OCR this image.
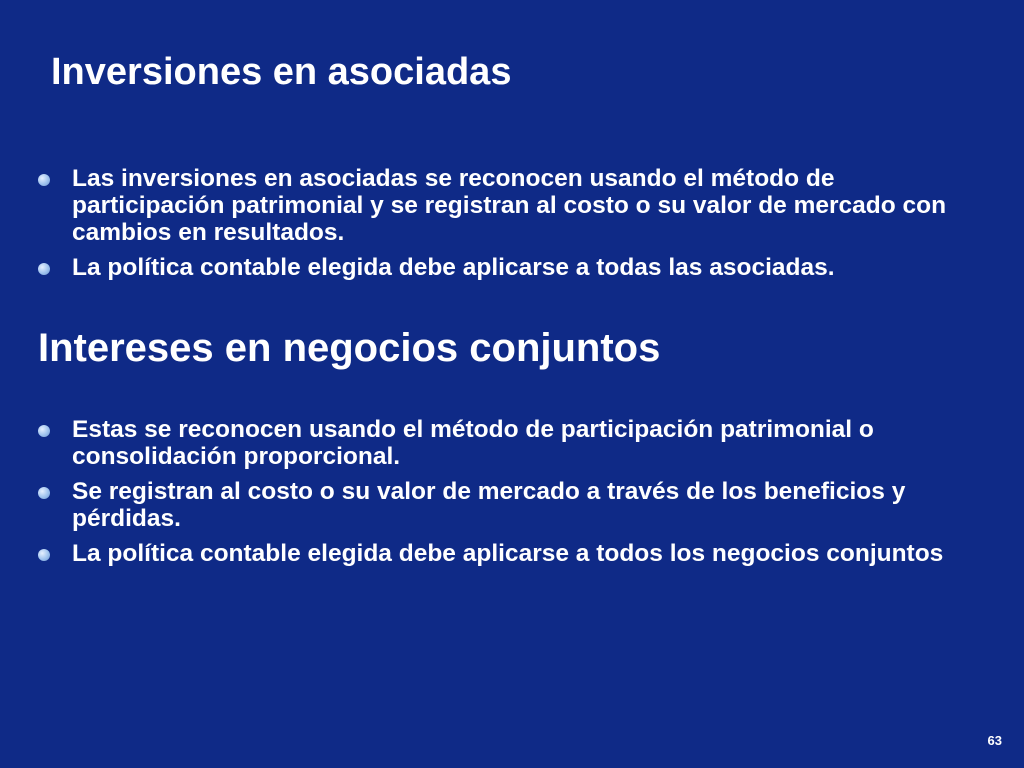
Inversiones en asociadas
Las inversiones en asociadas se reconocen usando el método de participación patrimonial y se registran al costo o su valor de mercado con cambios en resultados.
La política contable elegida debe aplicarse a todas las asociadas.
Intereses en negocios conjuntos
Estas se reconocen usando el método de participación patrimonial o consolidación proporcional.
Se registran al costo o su valor de mercado a través de los beneficios y pérdidas.
La política contable elegida debe aplicarse a todos los negocios conjuntos
63
